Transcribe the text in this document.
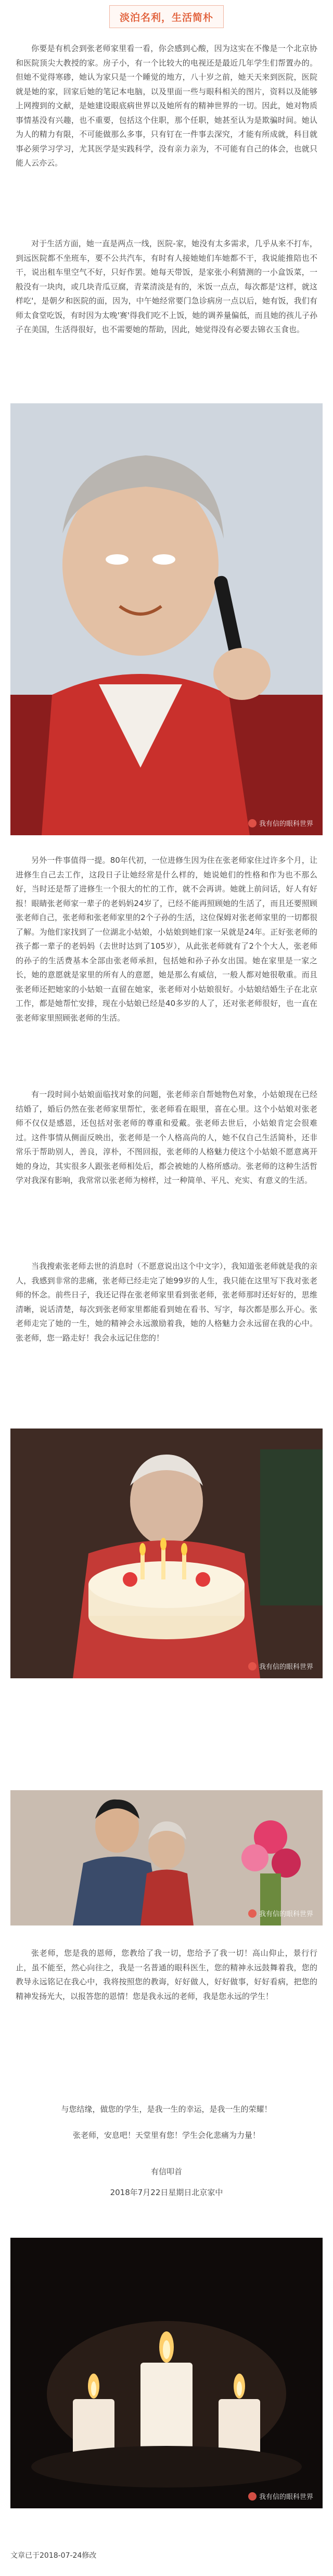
淡泊名利，生活简朴

你要是有机会到张老师家里看一看，你会感到心酸，因为这实在不像是一个北京协和医院顶尖大教授的家。房子小，有一个比较大的电视还是最近几年学生们帮置办的。但她不觉得寒碜，她认为家只是一个睡觉的地方，八十岁之前，她天天来到医院，医院就是她的家，回家后她的笔记本电脑，以及里面一些与眼科相关的图片，资料以及能够上网搜到的文献，是她建设眼底病世界以及她所有的精神世界的一切。因此，她对物质事情基没有兴趣，也不重要，包括这个住职，那个任职，她甚至认为是欺骗时间。她认为人的精力有限，不可能做那么多事，只有钉在一件事去深究，才能有所成就，科目就事必须学习学习，尤其医学是实践科学，没有亲力亲为，不可能有自己的体会，也就只能人云亦云。

对于生活方面，她一直是两点一线，医院-家，她没有太多需求，几乎从来不打车，到远医院都不坐班车，要不公共汽车，有时有人接她她们车她都不干，我说能推陪也不干，说出租车里空气不好，只好作罢。她每天带饭，是家张小利猜测的一小盒饭菜，一般没有一块肉，或几块青瓜豆腐，青菜清淡是有的，米饭一点点，每次都是'这样，就这样吃'，是朝夕和医院的面，因为，中午她经常要门急诊病房一点以后，她有饭，我们有师太食堂吃饭，有时因为太晚'赛'得我们吃不上饭，她的调养量偏低，而且她的孩儿子孙子在美国，生活得很好，也不需要她的帮助，因此，她觉得没有必要去锦衣玉食也。

我有信的眼科世界

另外一件事值得一提。80年代初，一位进修生因为住在张老师家住过许多个月，让进修生自己去工作，这段日子让她经常是什么样的，她说她们的性格和作为也不那么好，当时还是帮了进修生一个很大的忙的工作，就不会再讲。她就上前问话，好人有好报！眼睛张老师家一辈子的老妈妈24岁了，已经不能再照顾她的生活了，而且还要照顾张老师自己，张老师和张老师家里的2个子孙的生活，这位保姆对张老师家里的一切都很了解。为他们家找到了一位湖北小姑娘，小姑娘到她们家一呆就是24年。正好张老师的孩子都一辈子的老妈妈（去世时达到了105岁），从此张老师就有了2个个大人，张老师的孙子的生活费基本全部由张老师承担，包括她和孙子孙女出国。她在家里是一家之长，她的意愿就是家里的所有人的意愿，她是那么有威信，一般人都对她很敬重。而且张老师还把她家的小姑娘一直留在她家，张老师对小姑娘很好。小姑娘结婚生子在北京工作，都是她帮忙安排，现在小姑娘已经是40多岁的人了，还对张老师很好，也一直在张老师家里照顾张老师的生活。

有一段时间小姑娘面临找对象的问题，张老师亲自帮她物色对象，小姑娘现在已经结婚了，婚后仍然在张老师家里帮忙，张老师看在眼里，喜在心里。这个小姑娘对张老师不仅仅是感恩，还包括对张老师的尊重和爱戴。张老师去世后，小姑娘肯定会很难过。这件事情从侧面反映出，张老师是一个人格高尚的人，她不仅自己生活简朴，还非常乐于帮助别人，善良，淳朴，不图回报，张老师的人格魅力使这个小姑娘不愿意离开她的身边，其实很多人跟张老师相处后，都会被她的人格所感动。张老师的这种生活哲学对我深有影响，我常常以张老师为榜样，过一种简单、平凡、充实、有意义的生活。

当我搜索张老师去世的消息时（不愿意说出这个中文字），我知道张老师就是我的亲人，我感到非常的悲痛，张老师已经走完了她99岁的人生，我只能在这里写下我对张老师的怀念。前些日子，我还记得在张老师家里看到张老师，张老师那时还好好的，思维清晰，说话清楚，每次到张老师家里都能看到她在看书、写字，每次都是那么开心。张老师走完了她的一生，她的精神会永远激励着我，她的人格魅力会永远留在我的心中。张老师，您一路走好！我会永远记住您的！

我有信的眼科世界
我有信的眼科世界

张老师，您是我的恩师，您教给了我一切，您给予了我一切！高山仰止，景行行止，虽不能至，然心向往之，我是一名普通的眼科医生，您的精神永远鼓舞着我，您的教导永远铭记在我心中，我将按照您的教诲，好好做人，好好做事，好好看病，把您的精神发扬光大，以报答您的恩情！您是我永远的老师，我是您永远的学生！

与您结缘，做您的学生，是我一生的幸运，是我一生的荣耀！

张老师，安息吧！天堂里有您！学生会化悲痛为力量！

有信叩首
2018年7月22日星期日北京家中
我有信的眼科世界
文章已于2018-07-24修改
